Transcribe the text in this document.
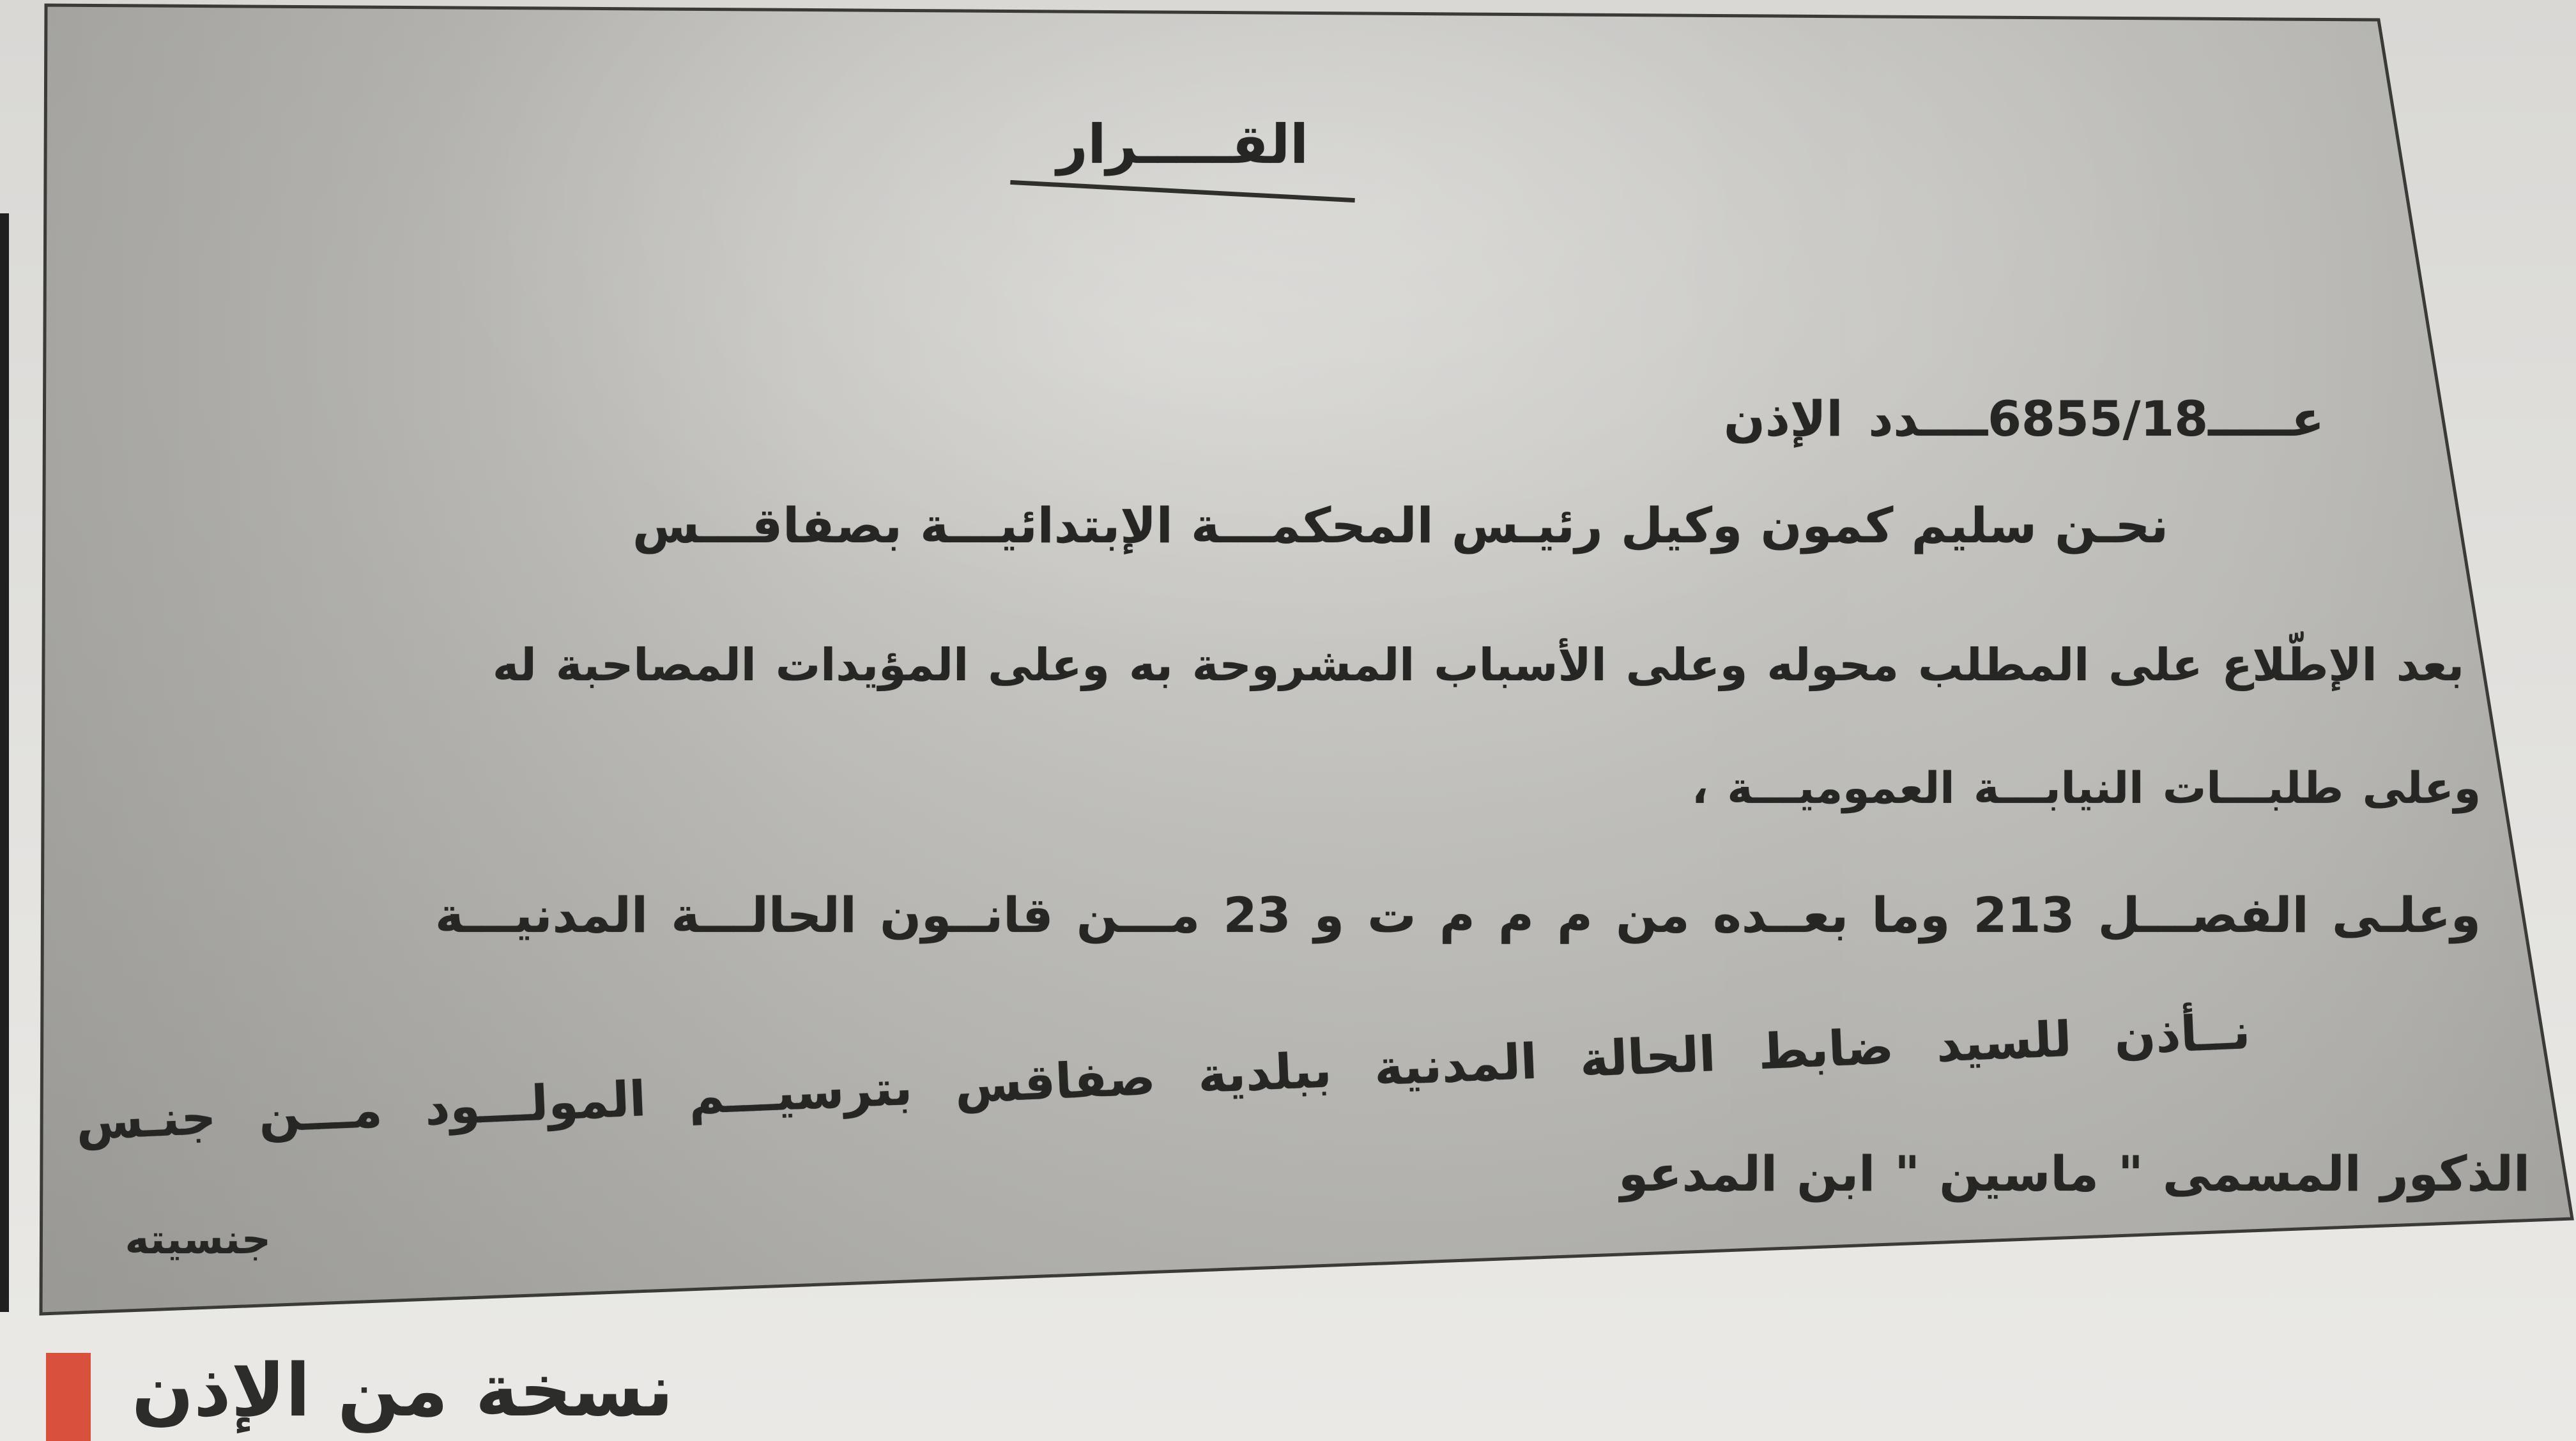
القـــــرار
عـــــ6855/18ــــدد الإذن
نحـن سليم كمون وكيل رئيـس المحكمـــة الإبتدائيـــة بصفاقـــس
بعد الإطّلاع على المطلب محوله وعلى الأسباب المشروحة به وعلى المؤيدات المصاحبة له
وعلى طلبـــات النيابـــة العموميـــة ،
وعلـى الفصـــل 213 وما بعــده من م م م ت و 23 مـــن قانــون الحالـــة المدنيـــة
نــأذن للسيد ضابط الحالة المدنية ببلدية صفاقس بترسيـــم المولـــود مـــن جنـس
الذكور المسمى " ماسين " ابن المدعو
جنسيته
نسخة من الإذن
